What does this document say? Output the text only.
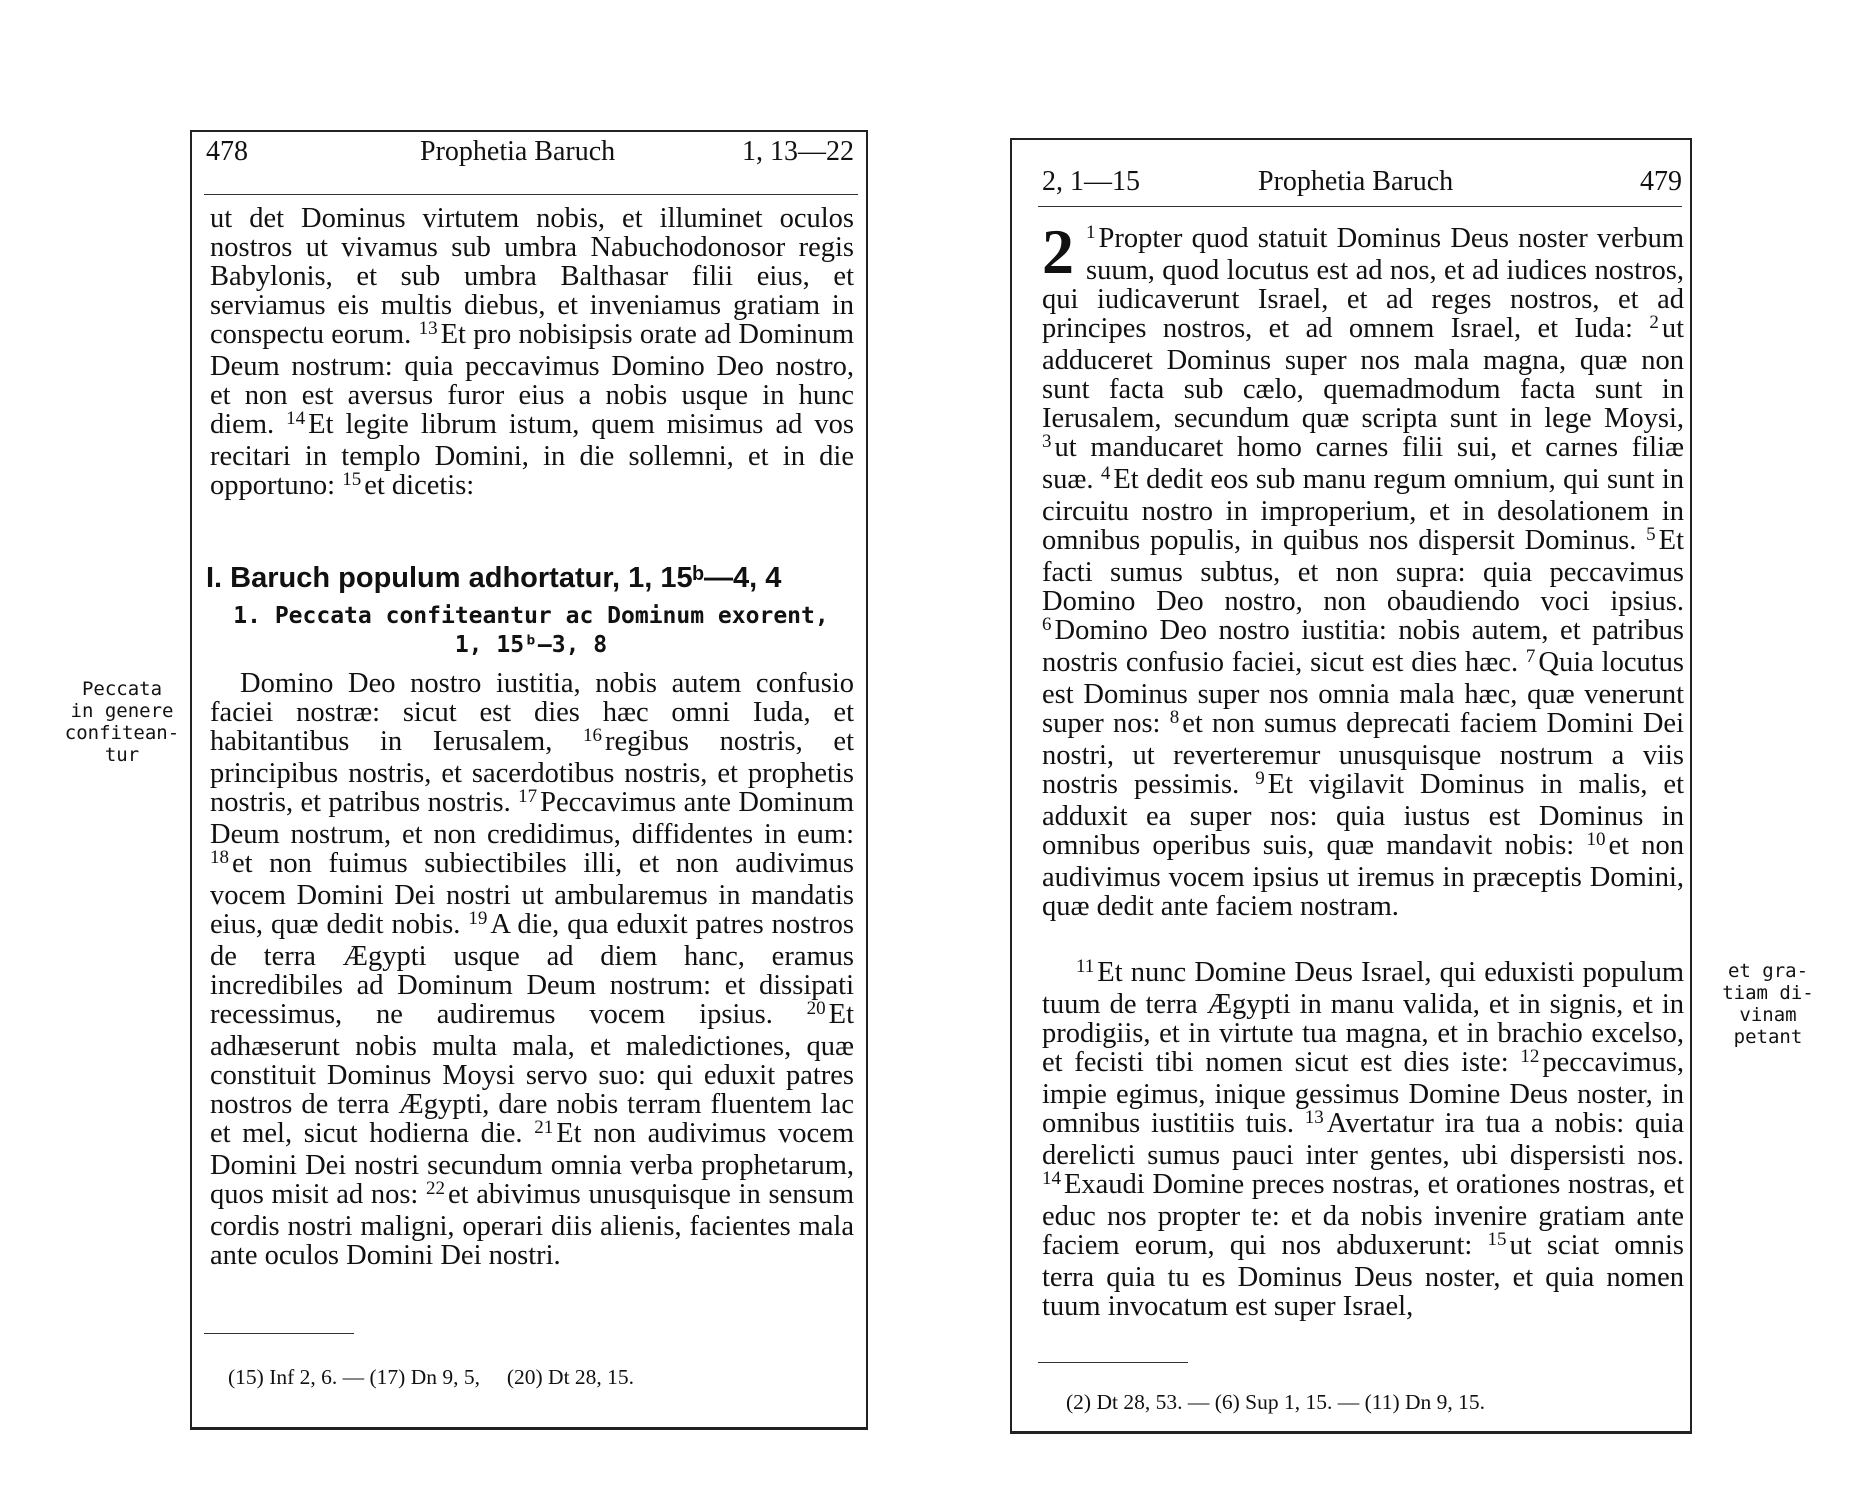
478	Prophetia Baruch	1, 13—22
ut det Dominus virtutem nobis, et illuminet oculos nostros ut vivamus sub umbra Nabuchodonosor regis Babylonis, et sub umbra Balthasar filii eius, et serviamus eis multis diebus, et inveniamus gratiam in conspectu eorum. $^{13}$ Et pro nobisipsis orate ad Dominum Deum nostrum: quia peccavimus Domino Deo nostro, et non est aversus furor eius a nobis usque in hunc diem. $^{14}$ Et legite librum istum, quem misimus ad vos recitari in templo Domini, in die sollemni, et in die opportuno: $^{15}$ et dicetis:
I. Baruch populum adhortatur, 1, 15ᵇ—4, 4
1. Peccata confiteantur ac Dominum exorent,
1, 15ᵇ—3, 8
Domino Deo nostro iustitia, nobis autem confusio faciei nostræ: sicut est dies hæc omni Iuda, et habitantibus in Ierusalem, $^{16}$ regibus nostris, et principibus nostris, et sacerdotibus nostris, et prophetis nostris, et patribus nostris. $^{17}$ Peccavimus ante Dominum Deum nostrum, et non credidimus, diffidentes in eum: $^{18}$ et non fuimus subiectibiles illi, et non audivimus vocem Domini Dei nostri ut ambularemus in mandatis eius, quæ dedit nobis. $^{19}$ A die, qua eduxit patres nostros de terra Ægypti usque ad diem hanc, eramus incredibiles ad Dominum Deum nostrum: et dissipati recessimus, ne audiremus vocem ipsius. $^{20}$ Et adhæserunt nobis multa mala, et maledictiones, quæ constituit Dominus Moysi servo suo: qui eduxit patres nostros de terra Ægypti, dare nobis terram fluentem lac et mel, sicut hodierna die. $^{21}$ Et non audivimus vocem Domini Dei nostri secundum omnia verba prophetarum, quos misit ad nos: $^{22}$ et abivimus unusquisque in sensum cordis nostri maligni, operari diis alienis, facientes mala ante oculos Domini Dei nostri.
(15) Inf 2, 6. — (17) Dn 9, 5,     (20) Dt 28, 15.
Peccata
in genere
confitean-
tur
2, 1—15	Prophetia Baruch	479
2 $^1$ Propter quod statuit Dominus Deus noster verbum suum, quod locutus est ad nos, et ad iudices nostros, qui iudicaverunt Israel, et ad reges nostros, et ad principes nostros, et ad omnem Israel, et Iuda: $^2$ ut adduceret Dominus super nos mala magna, quæ non sunt facta sub cælo, quemadmodum facta sunt in Ierusalem, secundum quæ scripta sunt in lege Moysi, $^3$ ut manducaret homo carnes filii sui, et carnes filiæ suæ. $^4$ Et dedit eos sub manu regum omnium, qui sunt in circuitu nostro in improperium, et in desolationem in omnibus populis, in quibus nos dispersit Dominus. $^5$ Et facti sumus subtus, et non supra: quia peccavimus Domino Deo nostro, non obaudiendo voci ipsius. $^6$ Domino Deo nostro iustitia: nobis autem, et patribus nostris confusio faciei, sicut est dies hæc. $^7$ Quia locutus est Dominus super nos omnia mala hæc, quæ venerunt super nos: $^8$ et non sumus deprecati faciem Domini Dei nostri, ut reverteremur unusquisque nostrum a viis nostris pessimis. $^9$ Et vigilavit Dominus in malis, et adduxit ea super nos: quia iustus est Dominus in omnibus operibus suis, quæ mandavit nobis: $^{10}$ et non audivimus vocem ipsius ut iremus in præceptis Domini, quæ dedit ante faciem nostram.
$^{11}$ Et nunc Domine Deus Israel, qui eduxisti populum tuum de terra Ægypti in manu valida, et in signis, et in prodigiis, et in virtute tua magna, et in brachio excelso, et fecisti tibi nomen sicut est dies iste: $^{12}$ peccavimus, impie egimus, inique gessimus Domine Deus noster, in omnibus iustitiis tuis. $^{13}$ Avertatur ira tua a nobis: quia derelicti sumus pauci inter gentes, ubi dispersisti nos. $^{14}$ Exaudi Domine preces nostras, et orationes nostras, et educ nos propter te: et da nobis invenire gratiam ante faciem eorum, qui nos abduxerunt: $^{15}$ ut sciat omnis terra quia tu es Dominus Deus noster, et quia nomen tuum invocatum est super Israel,
(2) Dt 28, 53. — (6) Sup 1, 15. — (11) Dn 9, 15.
et gra-
tiam di-
vinam
petant
